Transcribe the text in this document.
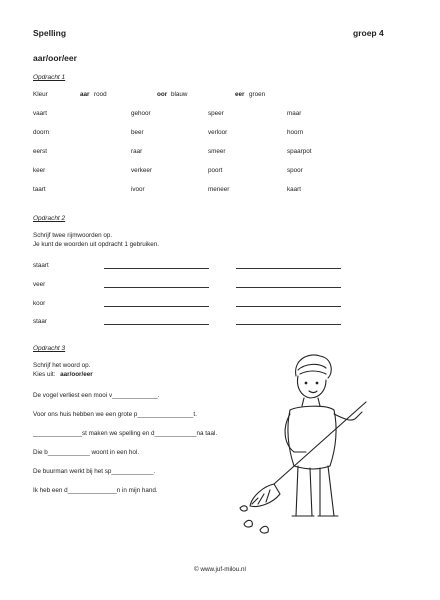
Spelling	groep 4
aar/oor/eer
Opdracht 1
Kleur	aar rood	oor blauw	eer groen
vaart	gehoor	speer	maar
doorn	beer	verloor	hoorn
eerst	raar	smeer	spaarpot
keer	verkeer	poort	spoor
taart	ivoor	meneer	kaart
Opdracht 2
Schrijf twee rijmwoorden op.
Je kunt de woorden uit opdracht 1 gebruiken.
staart
veer
koor
staar
Opdracht 3
Schrijf het woord op.
Kies uit: aar/oor/eer
De vogel verliest een mooi v_____________.
Voor ons huis hebben we een grote p________________t.
______________st maken we spelling en d____________na taal.
Die b____________ woont in een hol.
De buurman werkt bij het sp____________.
Ik heb een d______________n in mijn hand.
© www.juf-milou.nl
